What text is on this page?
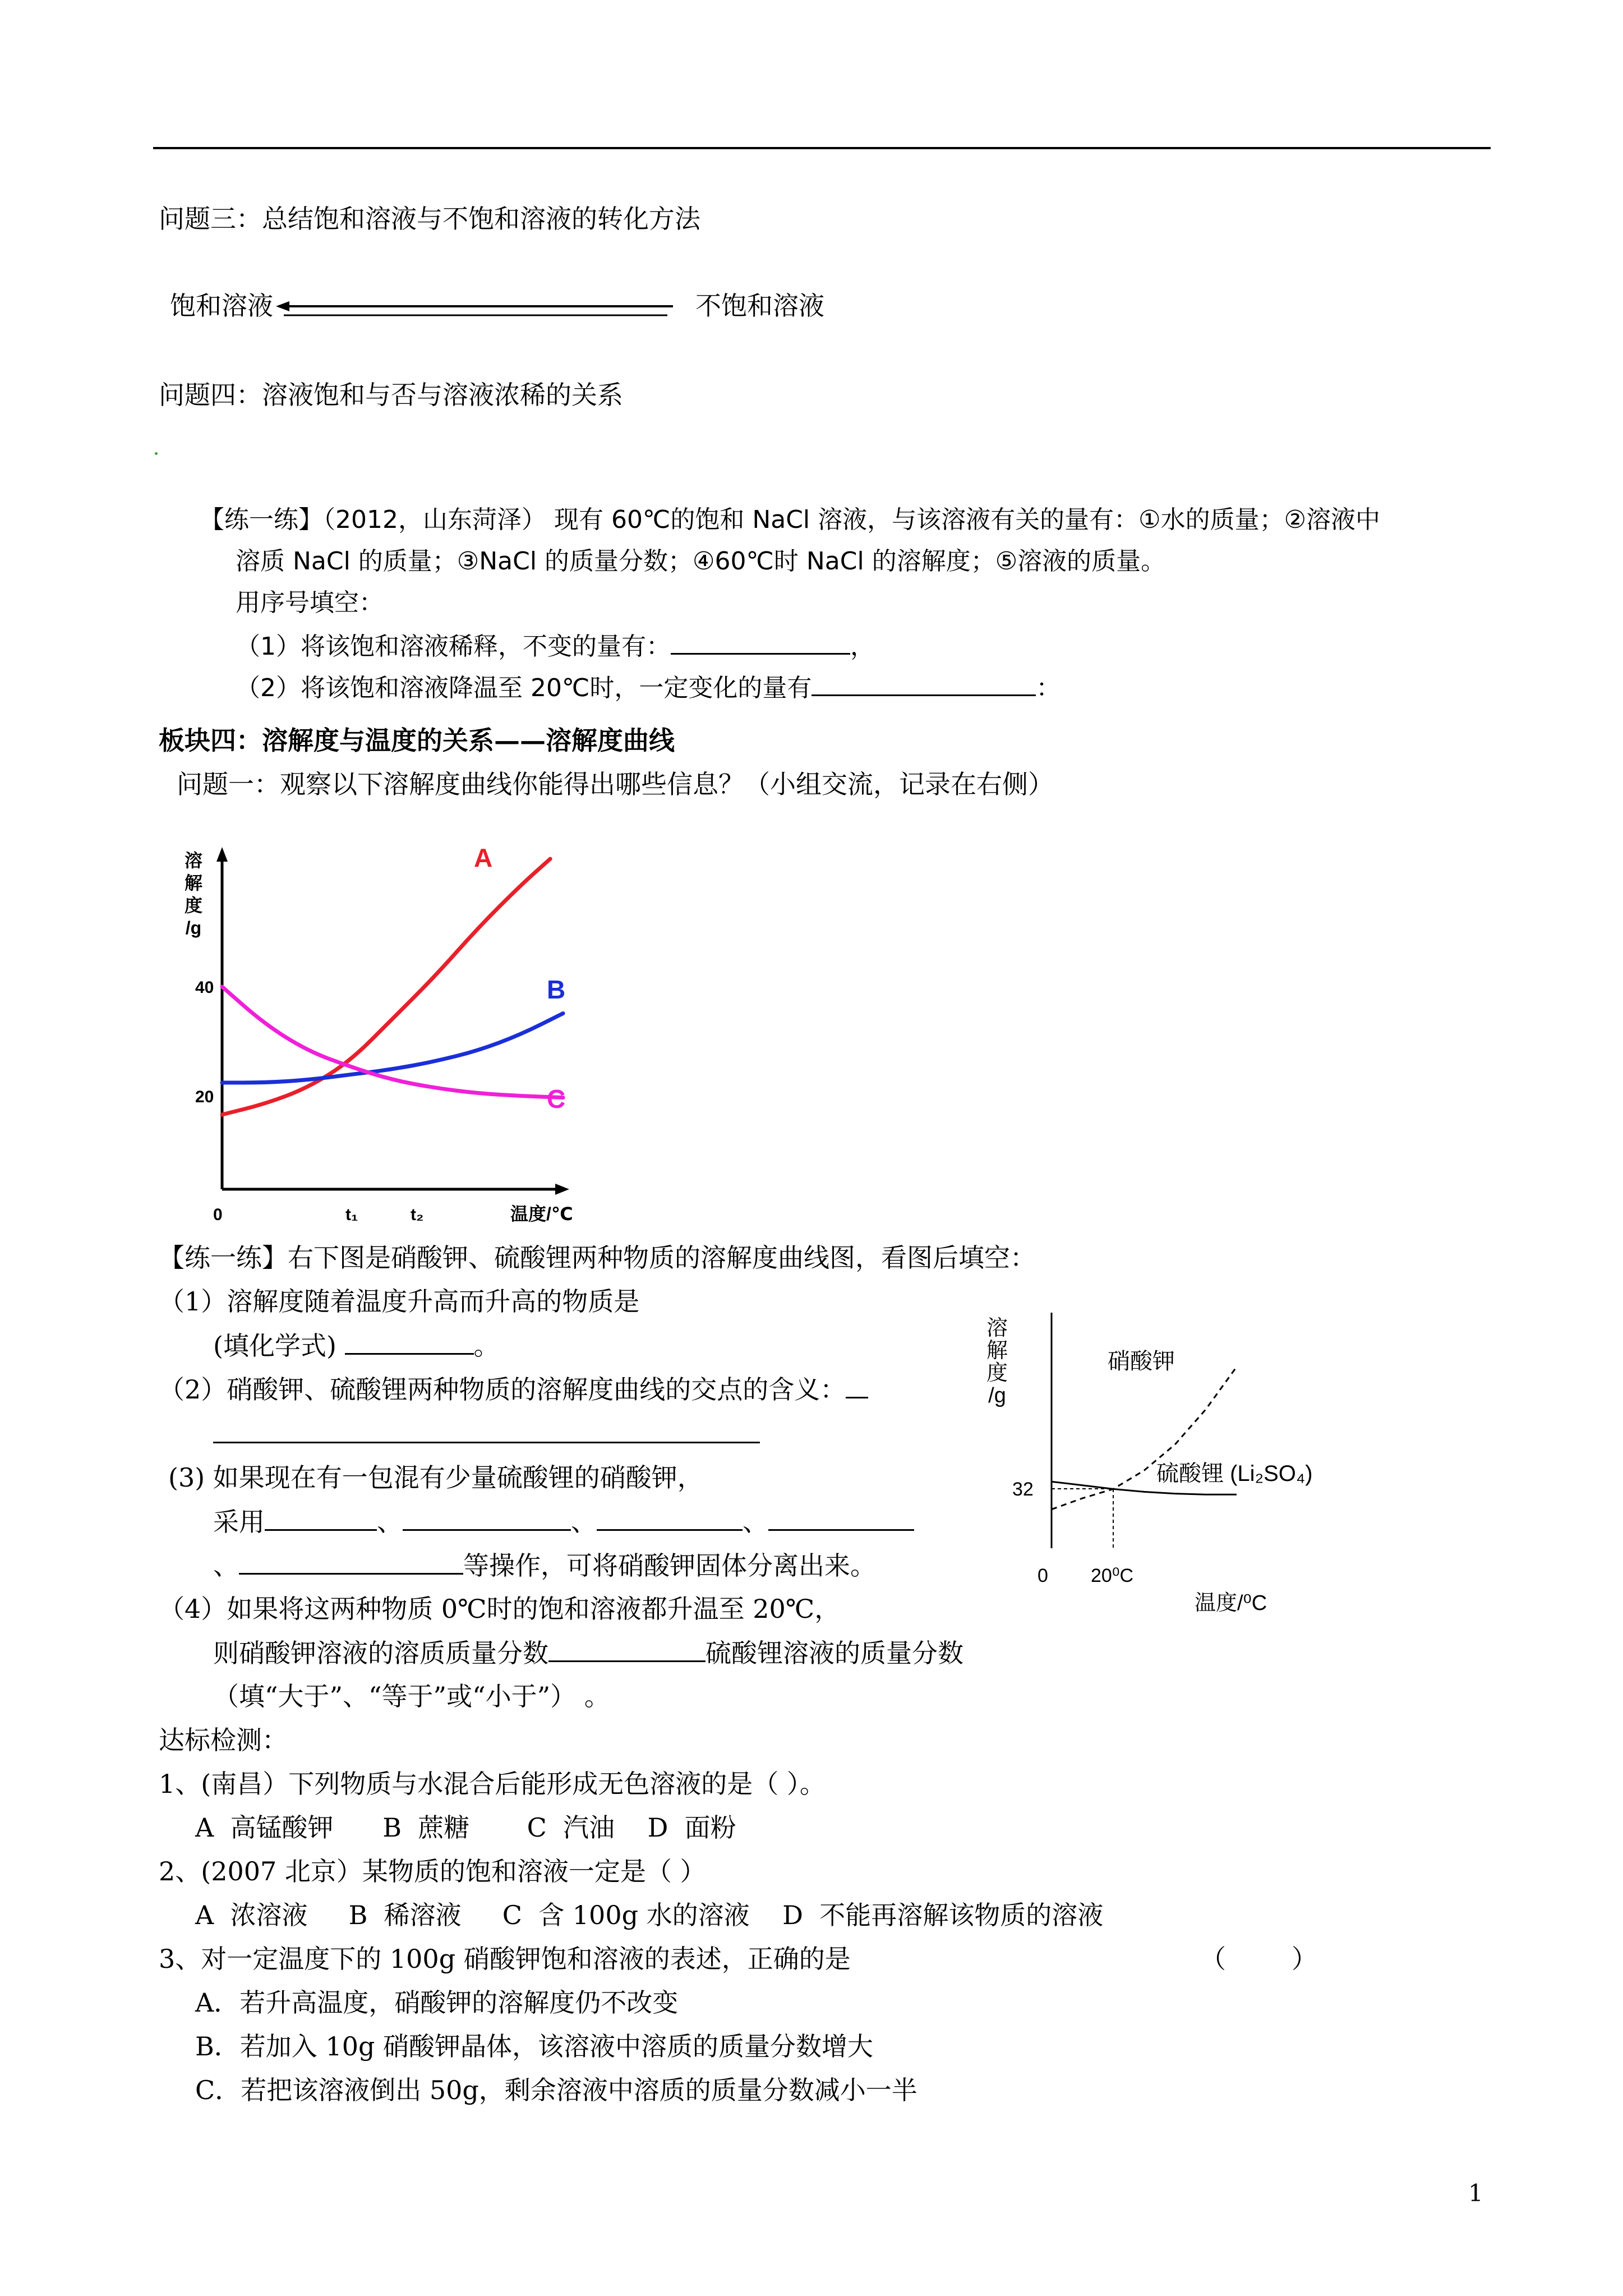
问题三：总结饱和溶液与不饱和溶液的转化方法
饱和溶液	不饱和溶液
问题四：溶液饱和与否与溶液浓稀的关系
【练一练】（2012，山东菏泽） 现有 60℃的饱和 NaCl 溶液，与该溶液有关的量有：①水的质量；②溶液中
溶质 NaCl 的质量；③NaCl 的质量分数；④60℃时 NaCl 的溶解度；⑤溶液的质量。
用序号填空：
（1）将该饱和溶液稀释，不变的量有：	，
（2）将该饱和溶液降温至 20℃时，一定变化的量有	：
板块四：溶解度与温度的关系——溶解度曲线
问题一：观察以下溶解度曲线你能得出哪些信息？（小组交流，记录在右侧）
溶
解
度
/g
40
20
0	t₁	t₂	温度/℃
A
B
C
【练一练】右下图是硝酸钾、硫酸锂两种物质的溶解度曲线图，看图后填空：
（1）溶解度随着温度升高而升高的物质是
(填化学式)	。
（2）硝酸钾、硫酸锂两种物质的溶解度曲线的交点的含义：
(3) 如果现在有一包混有少量硫酸锂的硝酸钾，
采用	、	、	、
、	等操作，可将硝酸钾固体分离出来。
（4）如果将这两种物质 0℃时的饱和溶液都升温至 20℃，
则硝酸钾溶液的溶质质量分数	硫酸锂溶液的质量分数
（填“大于”、“等于”或“小于”） 。
溶
解
度
/g
32
0 20⁰C
温度/⁰C
硝酸钾
硫酸锂 (Li₂SO₄)
达标检测：
1、(南昌）下列物质与水混合后能形成无色溶液的是（ ）。
A  高锰酸钾      B  蔗糖       C  汽油    D  面粉
2、(2007 北京）某物质的饱和溶液一定是（ ）
A  浓溶液     B  稀溶液     C  含 100g 水的溶液    D  不能再溶解该物质的溶液
3、对一定温度下的 100g 硝酸钾饱和溶液的表述，正确的是	（        ）
A．若升高温度，硝酸钾的溶解度仍不改变
B．若加入 10g 硝酸钾晶体，该溶液中溶质的质量分数增大
C．若把该溶液倒出 50g，剩余溶液中溶质的质量分数减小一半
1
